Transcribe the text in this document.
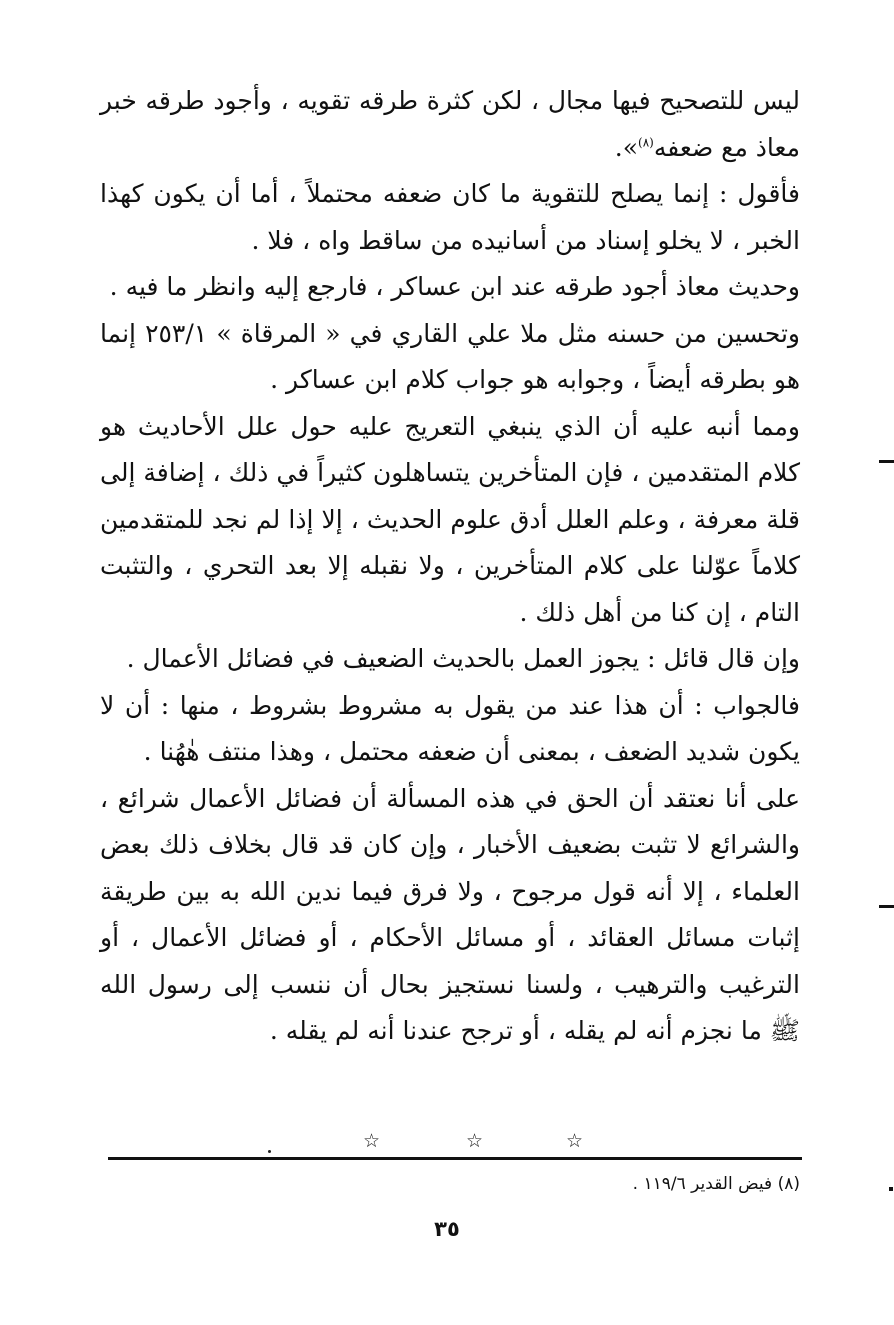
ليس للتصحيح فيها مجال ، لكن كثرة طرقه تقويه ، وأجود طرقه خبر معاذ مع ضعفه$^{(٨)}$».

فأقول : إنما يصلح للتقوية ما كان ضعفه محتملاً ، أما أن يكون كهذا الخبر ، لا يخلو إسناد من أسانيده من ساقط واه ، فلا .

وحديث معاذ أجود طرقه عند ابن عساكر ، فارجع إليه وانظر ما فيه .

وتحسين من حسنه مثل ملا علي القاري في « المرقاة » ٢٥٣/١ إنما هو بطرقه أيضاً ، وجوابه هو جواب كلام ابن عساكر .

ومما أنبه عليه أن الذي ينبغي التعريج عليه حول علل الأحاديث هو كلام المتقدمين ، فإن المتأخرين يتساهلون كثيراً في ذلك ، إضافة إلى قلة معرفة ، وعلم العلل أدق علوم الحديث ، إلا إذا لم نجد للمتقدمين كلاماً عوّلنا على كلام المتأخرين ، ولا نقبله إلا بعد التحري ، والتثبت التام ، إن كنا من أهل ذلك .

وإن قال قائل : يجوز العمل بالحديث الضعيف في فضائل الأعمال .

فالجواب : أن هذا عند من يقول به مشروط بشروط ، منها : أن لا يكون شديد الضعف ، بمعنى أن ضعفه محتمل ، وهذا منتف هٰهُنا .

على أنا نعتقد أن الحق في هذه المسألة أن فضائل الأعمال شرائع ، والشرائع لا تثبت بضعيف الأخبار ، وإن كان قد قال بخلاف ذلك بعض العلماء ، إلا أنه قول مرجوح ، ولا فرق فيما ندين الله به بين طريقة إثبات مسائل العقائد ، أو مسائل الأحكام ، أو فضائل الأعمال ، أو الترغيب والترهيب ، ولسنا نستجيز بحال أن ننسب إلى رسول الله ﷺ ما نجزم أنه لم يقله ، أو ترجح عندنا أنه لم يقله .

☆
☆
☆
(٨) فيض القدير ١١٩/٦ .
٣٥
